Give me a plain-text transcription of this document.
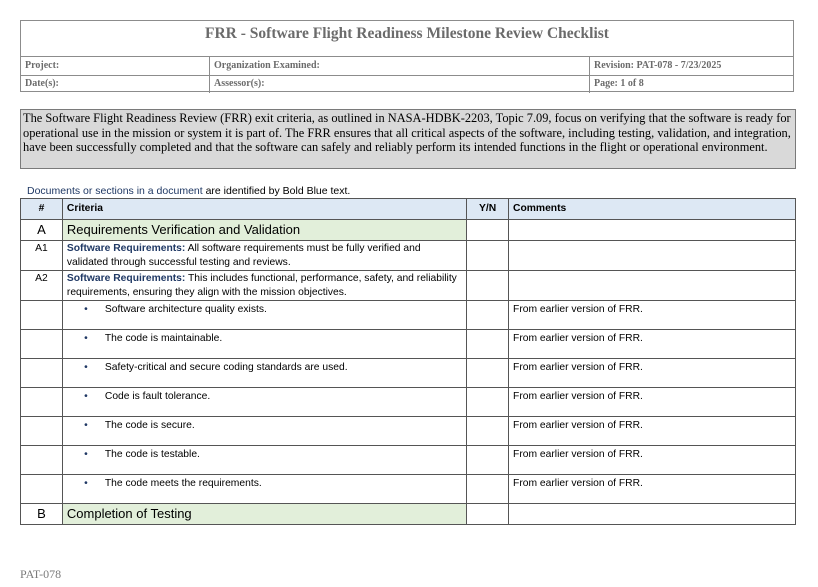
FRR - Software Flight Readiness Milestone Review Checklist
Project:	Organization Examined:	Revision: PAT-078 - 7/23/2025
Date(s):	Assessor(s):	Page: 1 of 8
The Software Flight Readiness Review (FRR) exit criteria, as outlined in NASA-HDBK-2203, Topic 7.09, focus on verifying that the software is ready for operational use in the mission or system it is part of. The FRR ensures that all critical aspects of the software, including testing, validation, and integration, have been successfully completed and that the software can safely and reliably perform its intended functions in the flight or operational environment.
Documents or sections in a document are identified by Bold Blue text.
#	Criteria	Y/N	Comments
A	Requirements Verification and Validation		
A1	Software Requirements: All software requirements must be fully verified and validated through successful testing and reviews.		
A2	Software Requirements: This includes functional, performance, safety, and reliability requirements, ensuring they align with the mission objectives.		
	• Software architecture quality exists.		From earlier version of FRR.
	• The code is maintainable.		From earlier version of FRR.
	• Safety-critical and secure coding standards are used.		From earlier version of FRR.
	• Code is fault tolerance.		From earlier version of FRR.
	• The code is secure.		From earlier version of FRR.
	• The code is testable.		From earlier version of FRR.
	• The code meets the requirements.		From earlier version of FRR.
B	Completion of Testing		
PAT-078
